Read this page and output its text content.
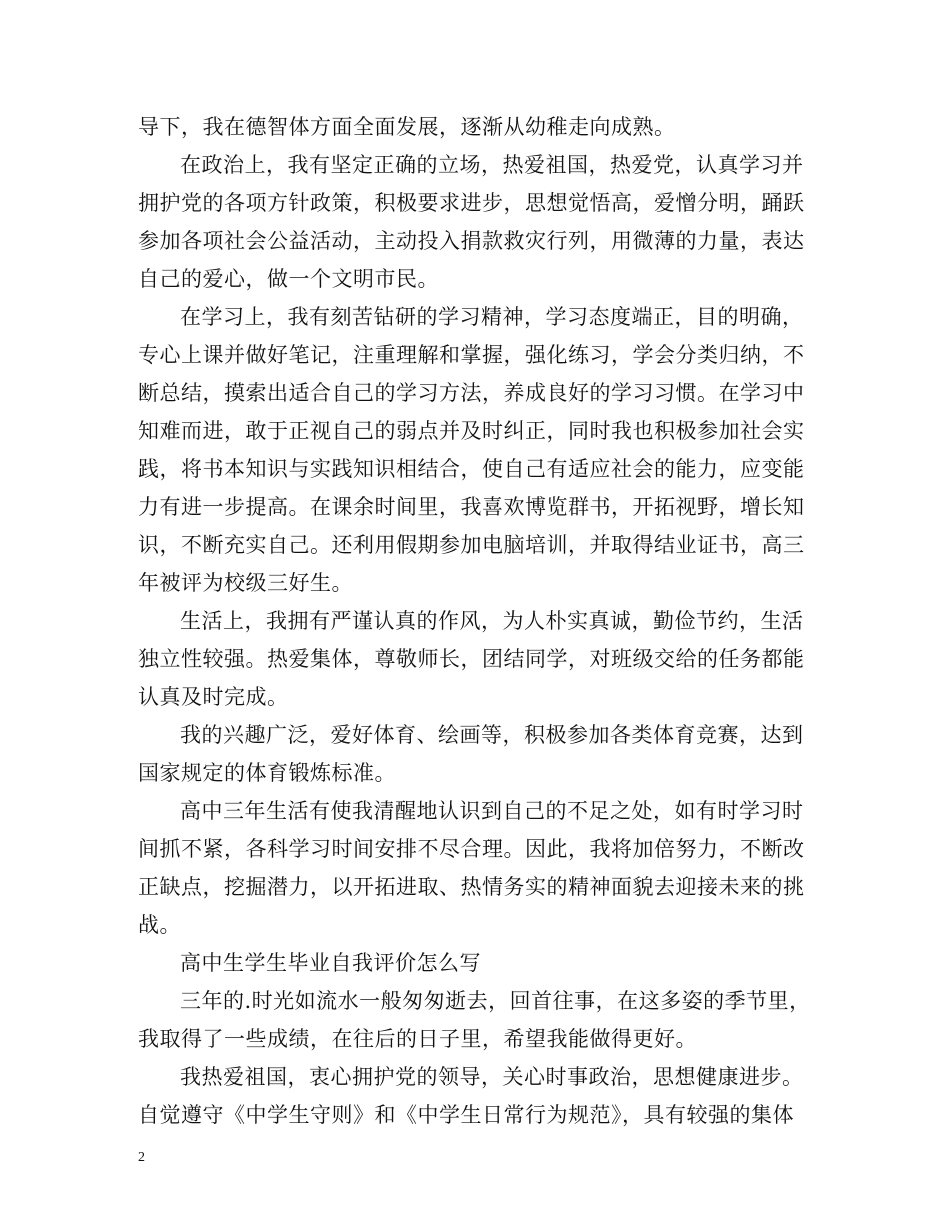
导下，我在德智体方面全面发展，逐渐从幼稚走向成熟。
在政治上，我有坚定正确的立场，热爱祖国，热爱党，认真学习并
拥护党的各项方针政策，积极要求进步，思想觉悟高，爱憎分明，踊跃
参加各项社会公益活动，主动投入捐款救灾行列，用微薄的力量，表达
自己的爱心，做一个文明市民。
在学习上，我有刻苦钻研的学习精神，学习态度端正，目的明确，
专心上课并做好笔记，注重理解和掌握，强化练习，学会分类归纳，不
断总结，摸索出适合自己的学习方法，养成良好的学习习惯。在学习中
知难而进，敢于正视自己的弱点并及时纠正，同时我也积极参加社会实
践，将书本知识与实践知识相结合，使自己有适应社会的能力，应变能
力有进一步提高。在课余时间里，我喜欢博览群书，开拓视野，增长知
识，不断充实自己。还利用假期参加电脑培训，并取得结业证书，高三
年被评为校级三好生。
生活上，我拥有严谨认真的作风，为人朴实真诚，勤俭节约，生活
独立性较强。热爱集体，尊敬师长，团结同学，对班级交给的任务都能
认真及时完成。
我的兴趣广泛，爱好体育、绘画等，积极参加各类体育竞赛，达到
国家规定的体育锻炼标准。
高中三年生活有使我清醒地认识到自己的不足之处，如有时学习时
间抓不紧，各科学习时间安排不尽合理。因此，我将加倍努力，不断改
正缺点，挖掘潜力，以开拓进取、热情务实的精神面貌去迎接未来的挑
战。
高中生学生毕业自我评价怎么写
三年的.时光如流水一般匆匆逝去，回首往事，在这多姿的季节里，
我取得了一些成绩，在往后的日子里，希望我能做得更好。
我热爱祖国，衷心拥护党的领导，关心时事政治，思想健康进步。
自觉遵守《中学生守则》和《中学生日常行为规范》，具有较强的集体
2
